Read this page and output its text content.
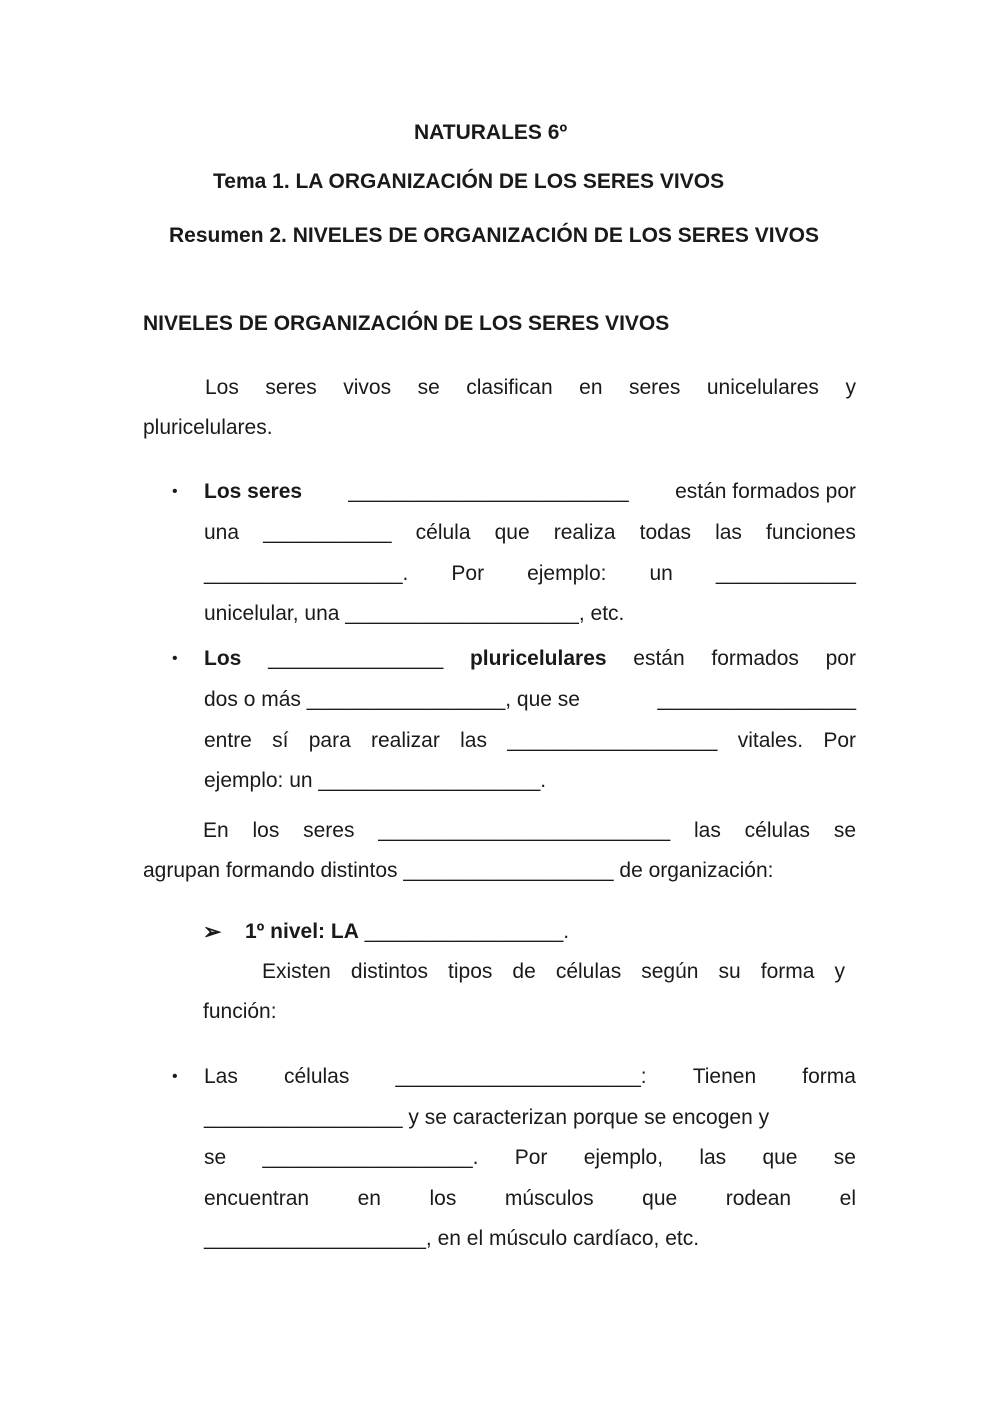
NATURALES 6º
Tema 1. LA ORGANIZACIÓN DE LOS SERES VIVOS
Resumen 2. NIVELES DE ORGANIZACIÓN DE LOS SERES VIVOS
NIVELES DE ORGANIZACIÓN DE LOS SERES VIVOS
Los seres vivos se clasifican en seres unicelulares y
pluricelulares.
• Los seres ________________________ están formados por
una ___________ célula que realiza todas las funciones
_________________. Por ejemplo: un ____________
unicelular, una ____________________, etc.
• Los _______________ pluricelulares están formados por
dos o más _________________, que se	_________________
entre sí para realizar las __________________ vitales. Por
ejemplo: un ___________________.
En los seres _________________________ las células se
agrupan formando distintos __________________ de organización:
➢ 1º nivel: LA _________________.
Existen distintos tipos de células según su forma y
función:
• Las células _____________________: Tienen forma
_________________ y se caracterizan porque se encogen y
se __________________. Por ejemplo, las que se
encuentran en los músculos que rodean el
___________________, en el músculo cardíaco, etc.
